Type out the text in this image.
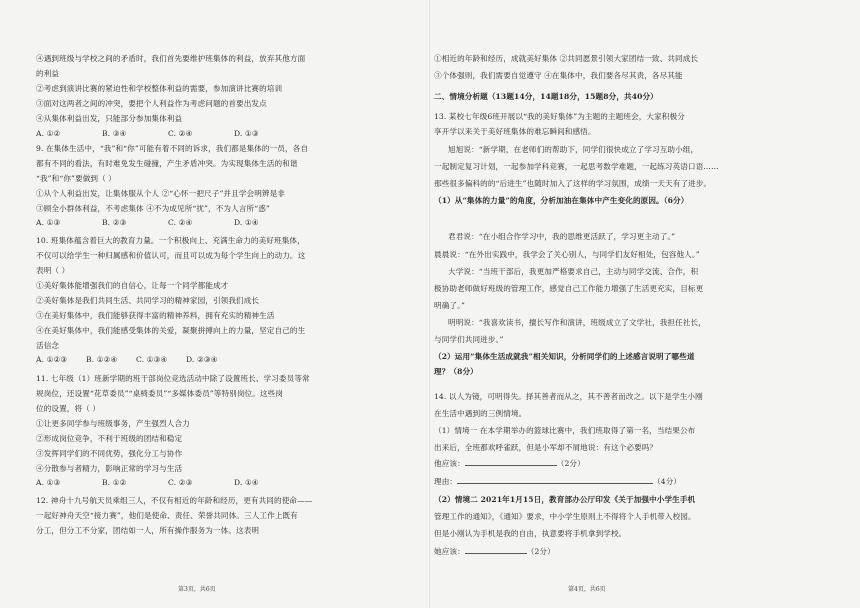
④遇到班级与学校之间的矛盾时，我们首先要维护班集体的利益，放弃其他方面
的利益
②考虑到演讲比赛的紧迫性和学校整体利益的需要，参加演讲比赛的培训
③面对这两者之间的冲突，要把个人利益作为考虑问题的首要出发点
④从集体利益出发，只能部分参加集体利益
A. ①②	B. ③④	C. ②④	D. ①③
9. 在集体生活中，“我”和“你”可能有着不同的诉求，我们都是集体的一员，各自
都有不同的看法，有时难免发生碰撞，产生矛盾冲突。为实现集体生活的和谐
“我”和“你”要做到（ ）
①从个人利益出发，让集体服从个人 ②“心怀一把尺子”并且学会明辨是非
③顾全小群体利益，不考虑集体 ④不为成见所“扰”，不为人言所“惑”
A. ①③	B. ②③	C. ②④	D. ①④
10. 班集体蕴含着巨大的教育力量。一个积极向上、充满生命力的美好班集体，
不仅可以给学生一种归属感和价值认可，而且可以成为每个学生向上的动力。这
表明（ ）
①美好集体能增强我们的自信心，让每一个同学都能成才
②美好集体是我们共同生活、共同学习的精神家园，引领我们成长
③在美好集体中，我们能够获得丰富的精神养料，拥有充实的精神生活
④在美好集体中，我们能感受集体的关爱，凝聚拼搏向上的力量，坚定自己的生
活信念
A. ①②③ B. ①②④ C. ①③④ D. ②③④
11. 七年级（1）班新学期的班干部岗位竞选活动中除了设置班长、学习委员等常
规岗位，还设置“花草委员”“桌椅委员”“多媒体委员”等特别岗位。这些岗
位的设置，将（ ）
①让更多同学参与班级事务，产生强烈人合力
②形成岗位竞争，不利于班级的团结和稳定
③发挥同学们的不同优势，强化分工与协作
④分散参与者精力，影响正常的学习与生活
A. ①③	B. ①②	C. ②③	D. ①④
12. 神舟十九号航天员乘组三人，不仅有相近的年龄和经历，更有共同的使命——
一起好神舟天空“接力赛”，他们是使命、责任、荣誉共同体。三人工作上既有
分工，但分工不分家，团结如一人，所有操作服务为一体。这表明
第3页，共6页
①相近的年龄和经历，成就美好集体 ②共同愿景引领大家团结一致、共同成长
③个体强则，我们需要自觉遵守 ④在集体中，我们要各尽其责，各尽其能
二、情境分析题（13题14分，14题18分，15题8分，共40分）
13. 某校七年级6班开展以“我的美好集体”为主题的主题班会，大家积极分
享开学以来关于美好班集体的难忘瞬间和感悟。
旭旭说：“新学期，在老师们的帮助下，同学们很快成立了学习互助小组，
一起制定复习计划，一起参加学科竞赛，一起思考数学难题，一起练习英语口语……
那些很多偏科的的“后进生”也随时加入了这样的学习氛围，成绩一天天有了进步。
（1）从“集体的力量”的角度，分析加油在集体中产生变化的原因。（6分）
君君说：“在小组合作学习中，我的思维更活跃了，学习更主动了。”
晨晨说：“在外出实践中，我学会了关心别人，与同学们友好相处，包容他人。”
大学说：“当班干部后，我更加严格要求自己，主动与同学交流、合作，积
极协助老师做好班级的管理工作，感觉自己工作能力增强了生活更充实，目标更
明确了。”
明明说：“我喜欢读书，擅长写作和演讲，班级成立了文学社，我担任社长，
与同学们共同进步。”
（2）运用“集体生活成就我”相关知识，分析同学们的上述感言说明了哪些道
理？（8分）
14. 以人为镜，可明得失。择其善者而从之，其不善者而改之。以下是学生小刚
在生活中遇到的三例情境。
（1）情境一 在本学期举办的篮球比赛中，我们班取得了第一名，当结果公布
出来后，全班都欢呼雀跃，但是小军却不屑地说：有这个必要吗？
他应该：	（2分）
理由：	（4分）
（2）情境二 2021年1月15日，教育部办公厅印发《关于加强中小学生手机
管理工作的通知》，《通知》要求，中小学生原则上不得将个人手机带入校园。
但是小刚认为手机是我的自由，执意要将手机拿到学校。
她应该：	（2分）
第4页，共6页
